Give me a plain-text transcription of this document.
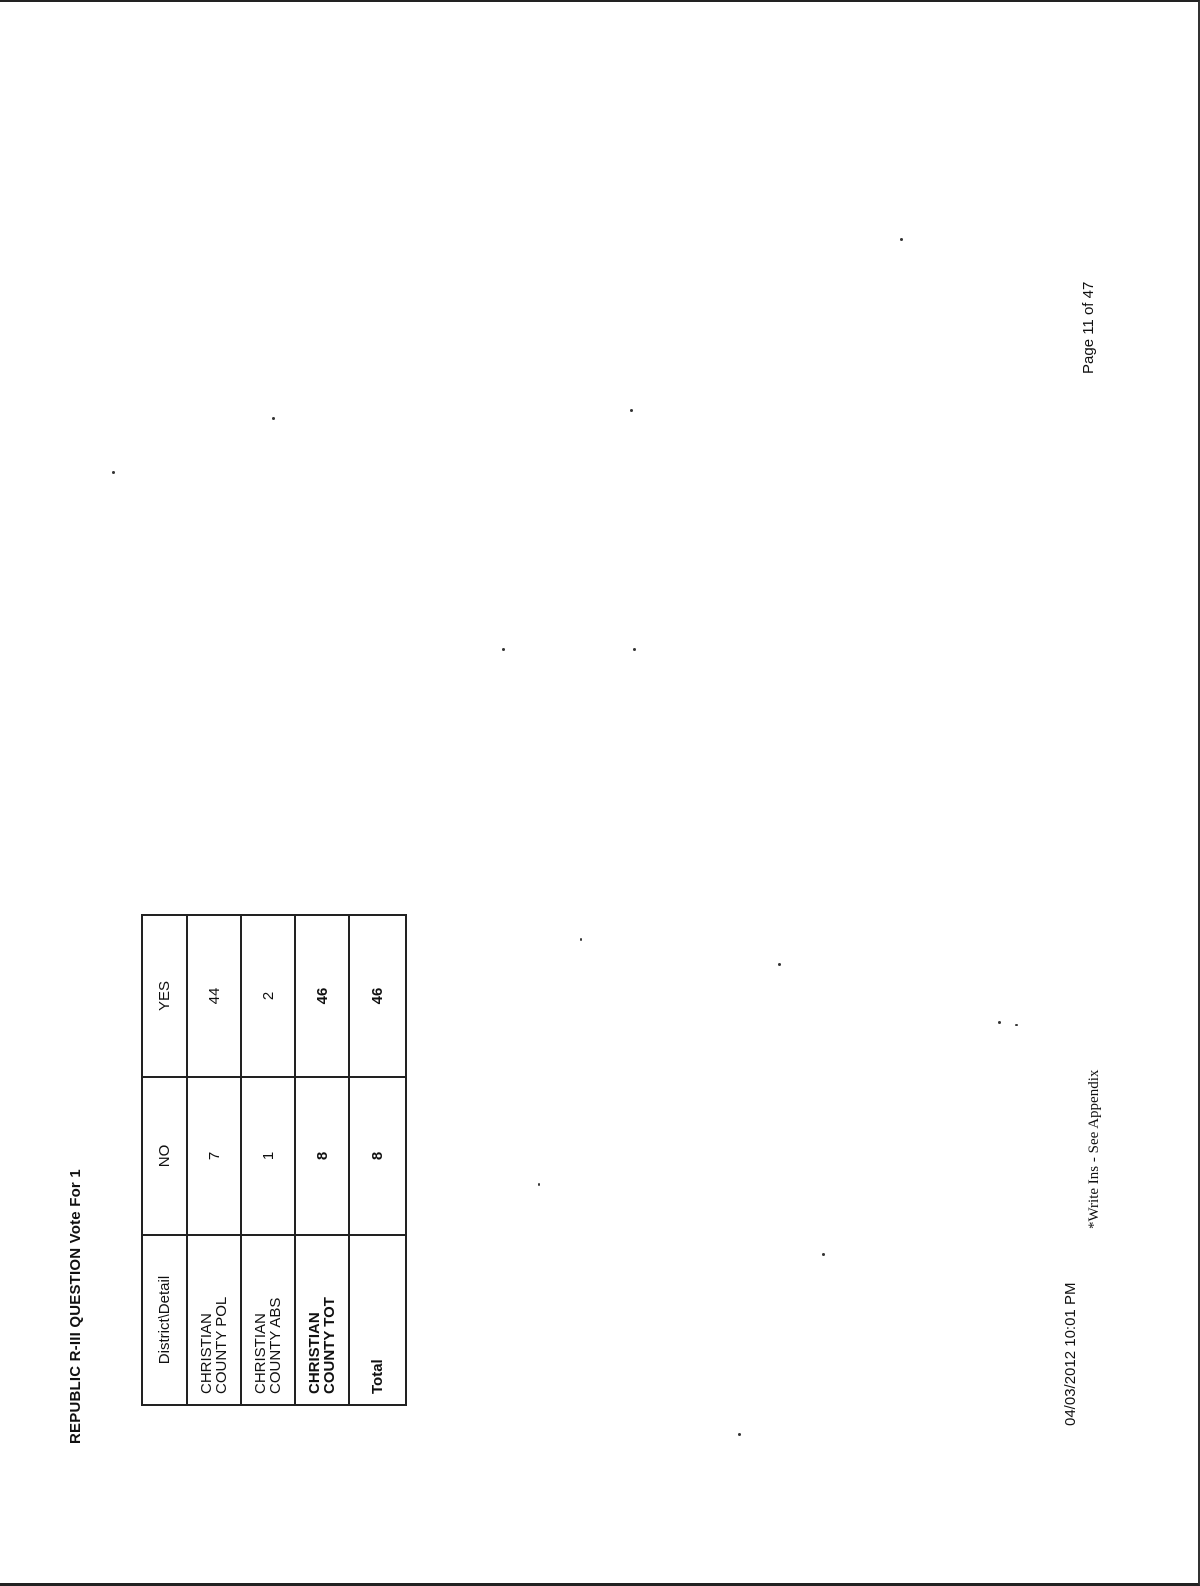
REPUBLIC R-III QUESTION Vote For 1	District\Detail	NO	YES

CHRISTIAN
COUNTY POL	7	44

CHRISTIAN
COUNTY ABS	1	2

CHRISTIAN
COUNTY TOT	8	46
Total	8	46
04/03/2012 10:01 PM
*Write Ins - See Appendix
Page 11 of 47
